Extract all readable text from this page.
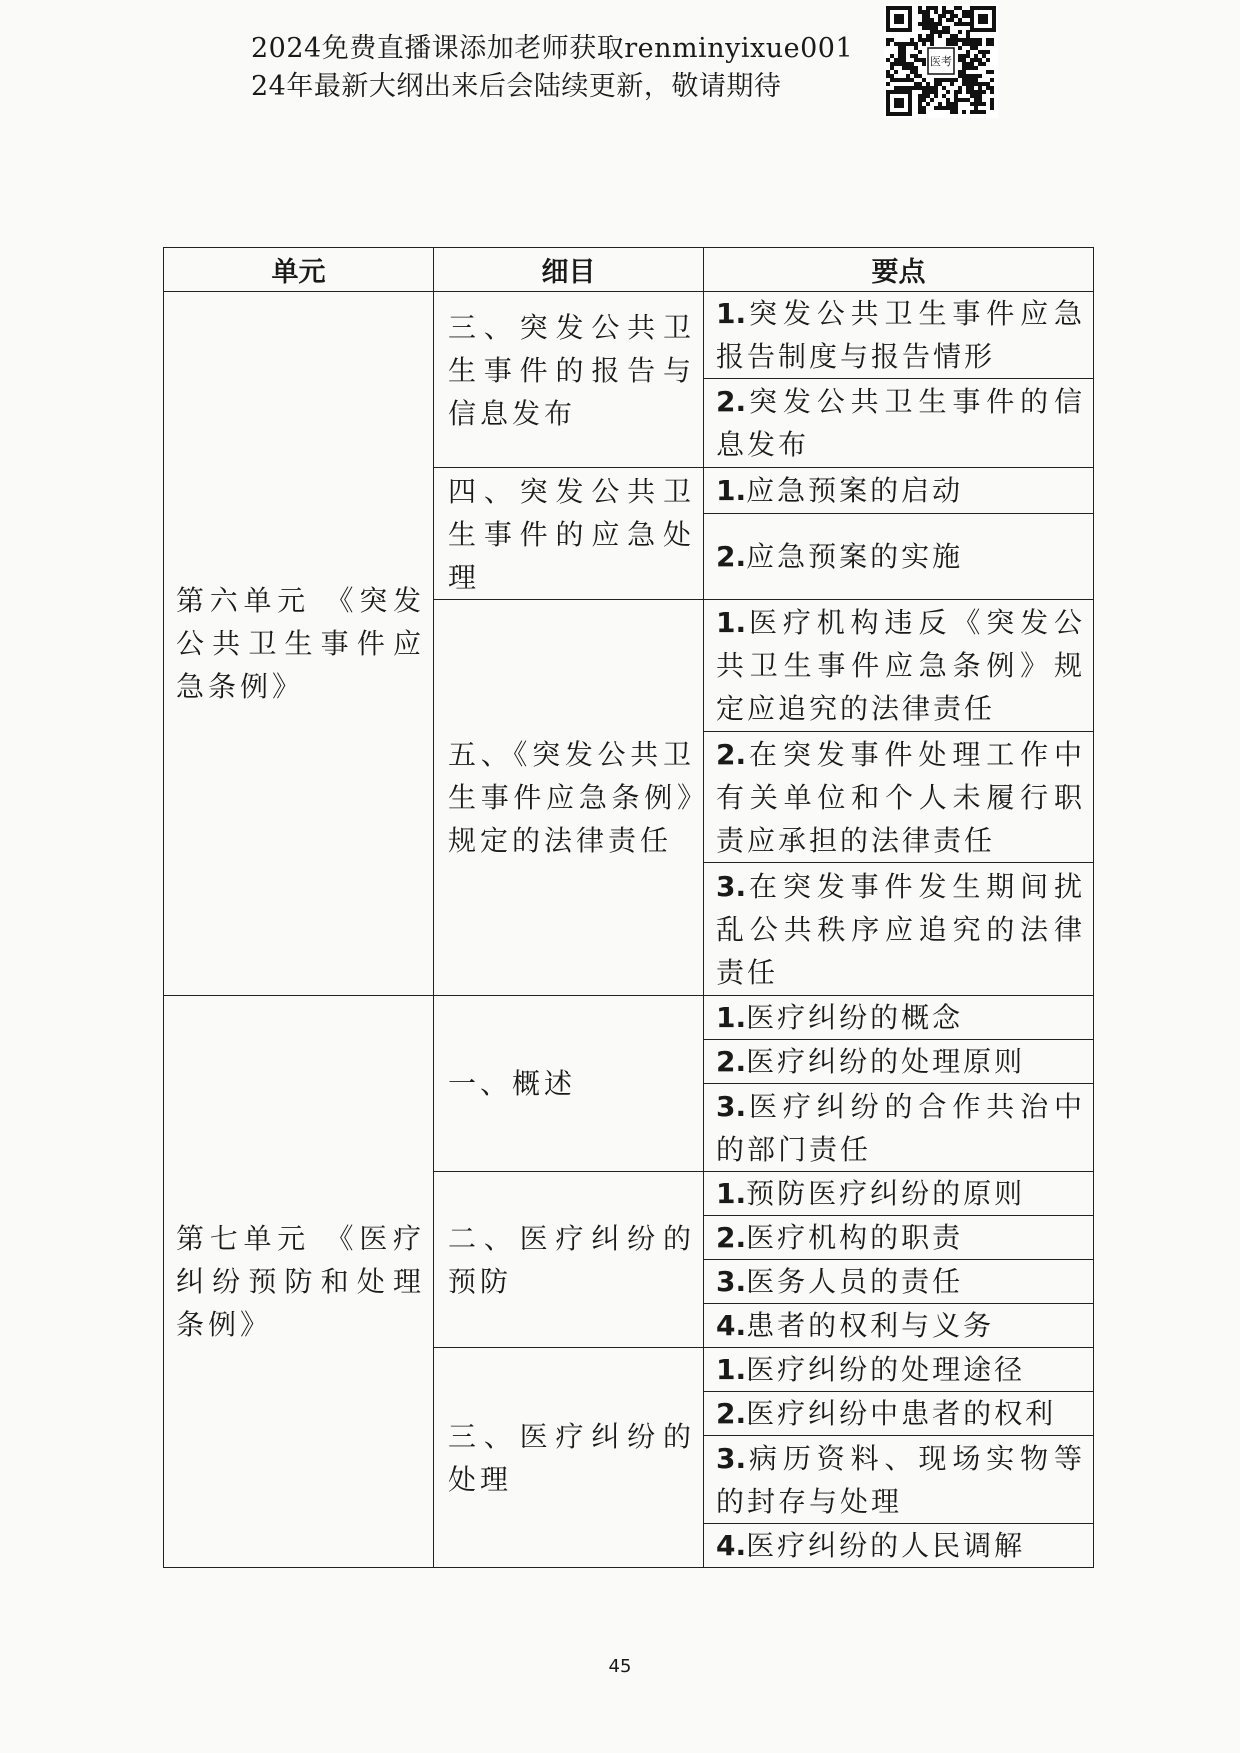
2024免费直播课添加老师获取renminyixue001
24年最新大纲出来后会陆续更新，敬请期待
医考
单元	细目	要点
第六单元 《突发公共卫生事件应急条例》	三、突发公共卫生事件的报告与信息发布	1.突发公共卫生事件应急报告制度与报告情形
		2.突发公共卫生事件的信息发布
	四、突发公共卫生事件的应急处理	1.应急预案的启动
		2.应急预案的实施
	五、《突发公共卫生事件应急条例》规定的法律责任	1.医疗机构违反《突发公共卫生事件应急条例》规定应追究的法律责任
		2.在突发事件处理工作中有关单位和个人未履行职责应承担的法律责任
		3.在突发事件发生期间扰乱公共秩序应追究的法律责任
第七单元 《医疗纠纷预防和处理条例》	一、概述	1.医疗纠纷的概念
		2.医疗纠纷的处理原则
		3.医疗纠纷的合作共治中的部门责任
	二、医疗纠纷的预防	1.预防医疗纠纷的原则
		2.医疗机构的职责
		3.医务人员的责任
		4.患者的权利与义务
	三、医疗纠纷的处理	1.医疗纠纷的处理途径
		2.医疗纠纷中患者的权利
		3.病历资料、现场实物等的封存与处理
		4.医疗纠纷的人民调解
45
